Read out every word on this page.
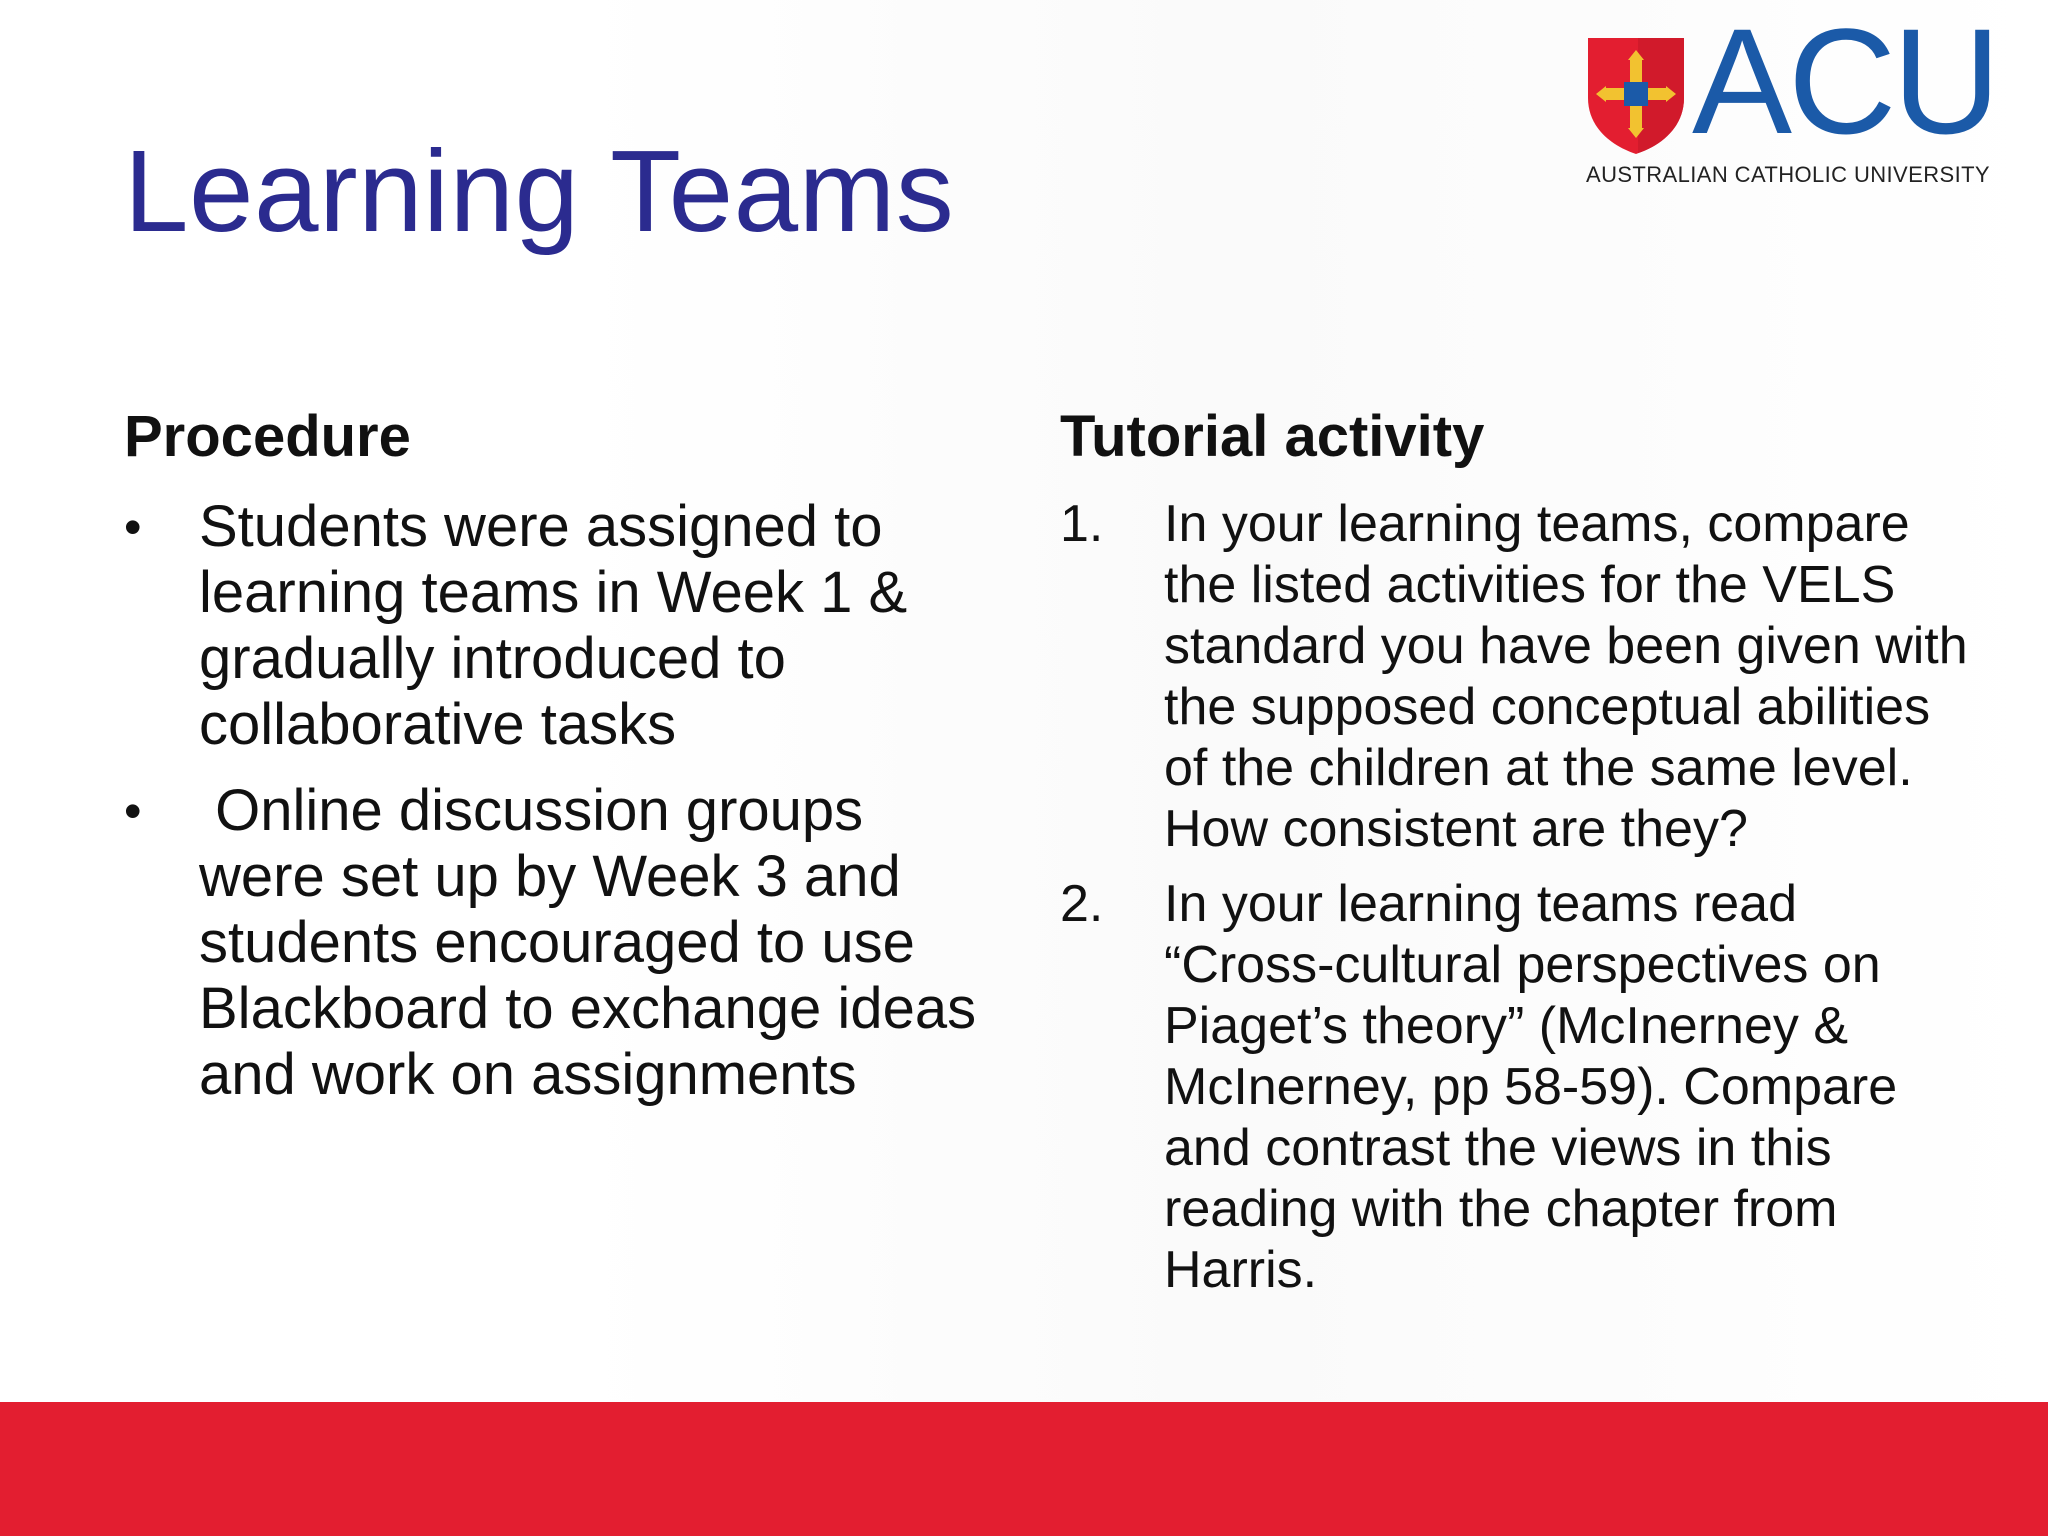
Learning Teams
ACU
AUSTRALIAN CATHOLIC UNIVERSITY
Procedure
• Students were assigned to learning teams in Week 1 & gradually introduced to collaborative tasks
• Online discussion groups were set up by Week 3 and students encouraged to use Blackboard to exchange ideas and work on assignments
Tutorial activity
1. In your learning teams, compare the listed activities for the VELS standard you have been given with the supposed conceptual abilities of the children at the same level. How consistent are they?
2. In your learning teams read “Cross-cultural perspectives on Piaget’s theory” (McInerney & McInerney, pp 58-59). Compare and contrast the views in this reading with the chapter from Harris.
